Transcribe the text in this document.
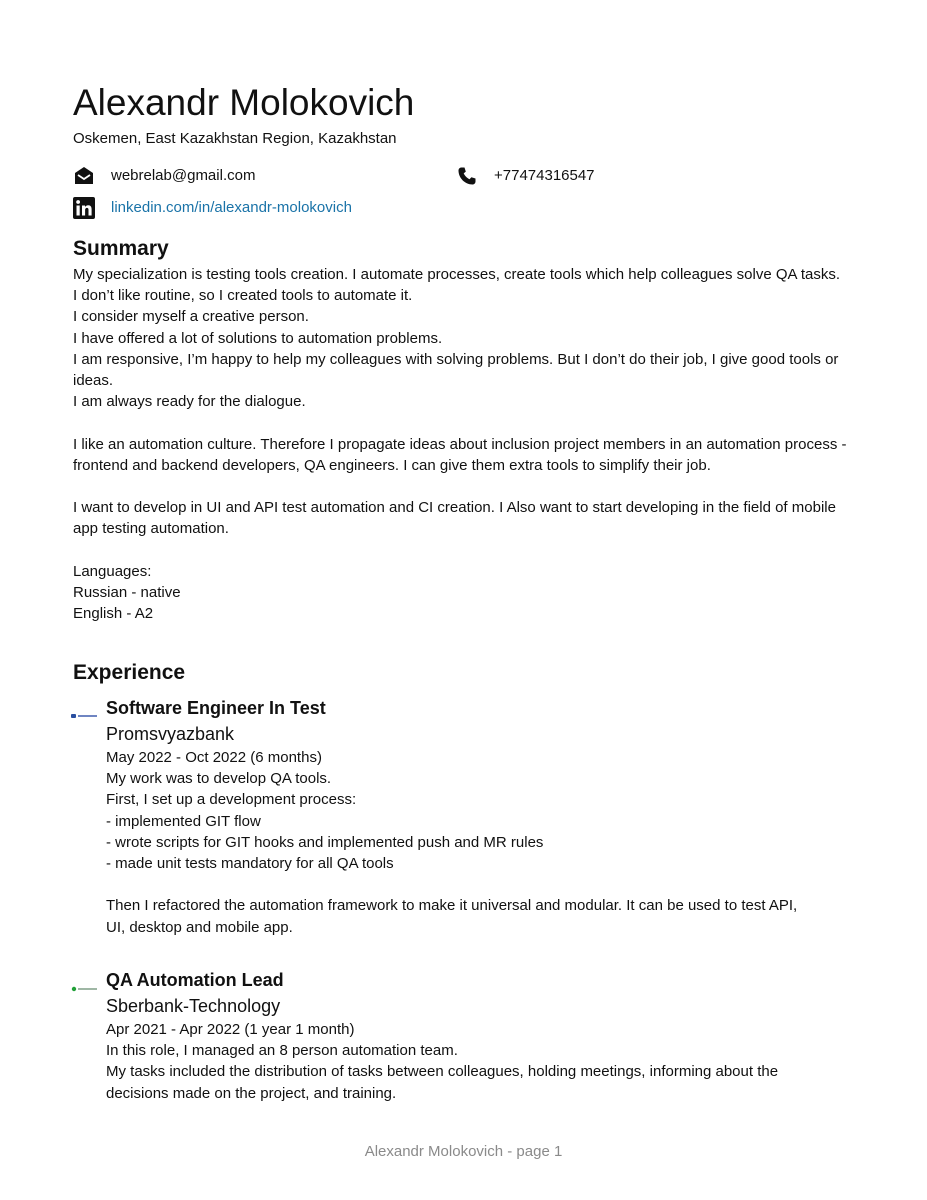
Alexandr Molokovich
Oskemen, East Kazakhstan Region, Kazakhstan
webrelab@gmail.com	+77474316547
linkedin.com/in/alexandr-molokovich
Summary

My specialization is testing tools creation. I automate processes, create tools which help colleagues solve QA tasks.

I don’t like routine, so I created tools to automate it.

I consider myself a creative person.

I have offered a lot of solutions to automation problems.

I am responsive, I’m happy to help my colleagues with solving problems. But I don’t do their job, I give good tools or ideas.

I am always ready for the dialogue.

I like an automation culture. Therefore I propagate ideas about inclusion project members in an automation process - frontend and backend developers, QA engineers. I can give them extra tools to simplify their job.

I want to develop in UI and API test automation and CI creation. I Also want to start developing in the field of mobile app testing automation.

Languages:

Russian - native

English - A2

Experience
Software Engineer In Test
Promsvyazbank

May 2022 - Oct 2022 (6 months)

My work was to develop QA tools.

First, I set up a development process:

- implemented GIT flow

- wrote scripts for GIT hooks and implemented push and MR rules

- made unit tests mandatory for all QA tools

Then I refactored the automation framework to make it universal and modular. It can be used to test API, UI, desktop and mobile app.

QA Automation Lead
Sberbank-Technology

Apr 2021 - Apr 2022 (1 year 1 month)

In this role, I managed an 8 person automation team.

My tasks included the distribution of tasks between colleagues, holding meetings, informing about the decisions made on the project, and training.

Alexandr Molokovich - page 1
